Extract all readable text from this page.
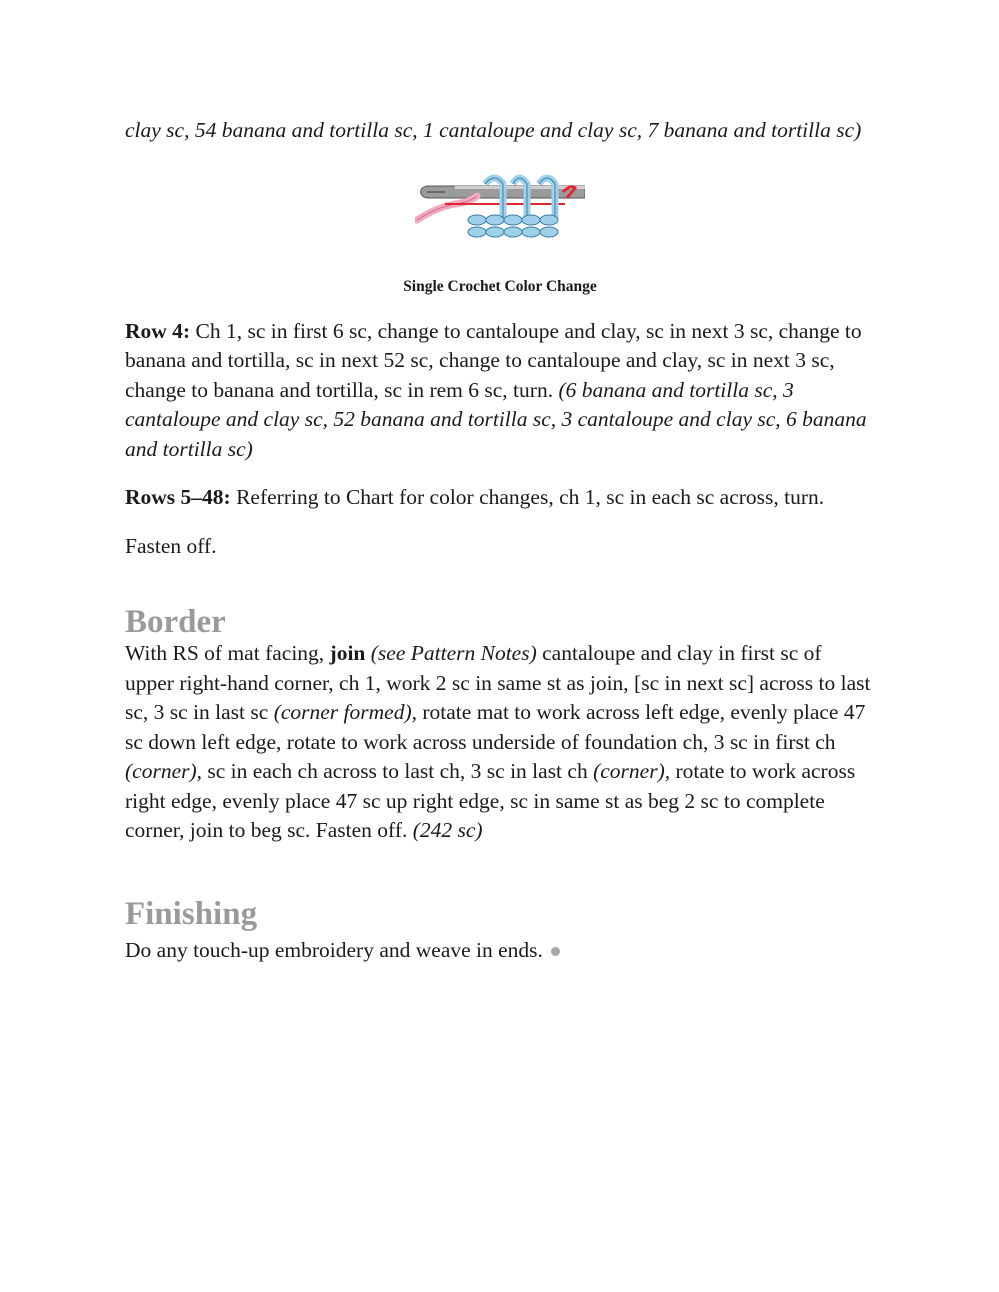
clay sc, 54 banana and tortilla sc, 1 cantaloupe and clay sc, 7 banana and tortilla sc)

Single Crochet Color Change

Row 4: Ch 1, sc in first 6 sc, change to cantaloupe and clay, sc in next 3 sc, change to banana and tortilla, sc in next 52 sc, change to cantaloupe and clay, sc in next 3 sc, change to banana and tortilla, sc in rem 6 sc, turn. (6 banana and tortilla sc, 3 cantaloupe and clay sc, 52 banana and tortilla sc, 3 cantaloupe and clay sc, 6 banana and tortilla sc)

Rows 5–48: Referring to Chart for color changes, ch 1, sc in each sc across, turn.

Fasten off.

Border

With RS of mat facing, join (see Pattern Notes) cantaloupe and clay in first sc of upper right-hand corner, ch 1, work 2 sc in same st as join, [sc in next sc] across to last sc, 3 sc in last sc (corner formed), rotate mat to work across left edge, evenly place 47 sc down left edge, rotate to work across underside of foundation ch, 3 sc in first ch (corner), sc in each ch across to last ch, 3 sc in last ch (corner), rotate to work across right edge, evenly place 47 sc up right edge, sc in same st as beg 2 sc to complete corner, join to beg sc. Fasten off. (242 sc)

Finishing

Do any touch-up embroidery and weave in ends.
